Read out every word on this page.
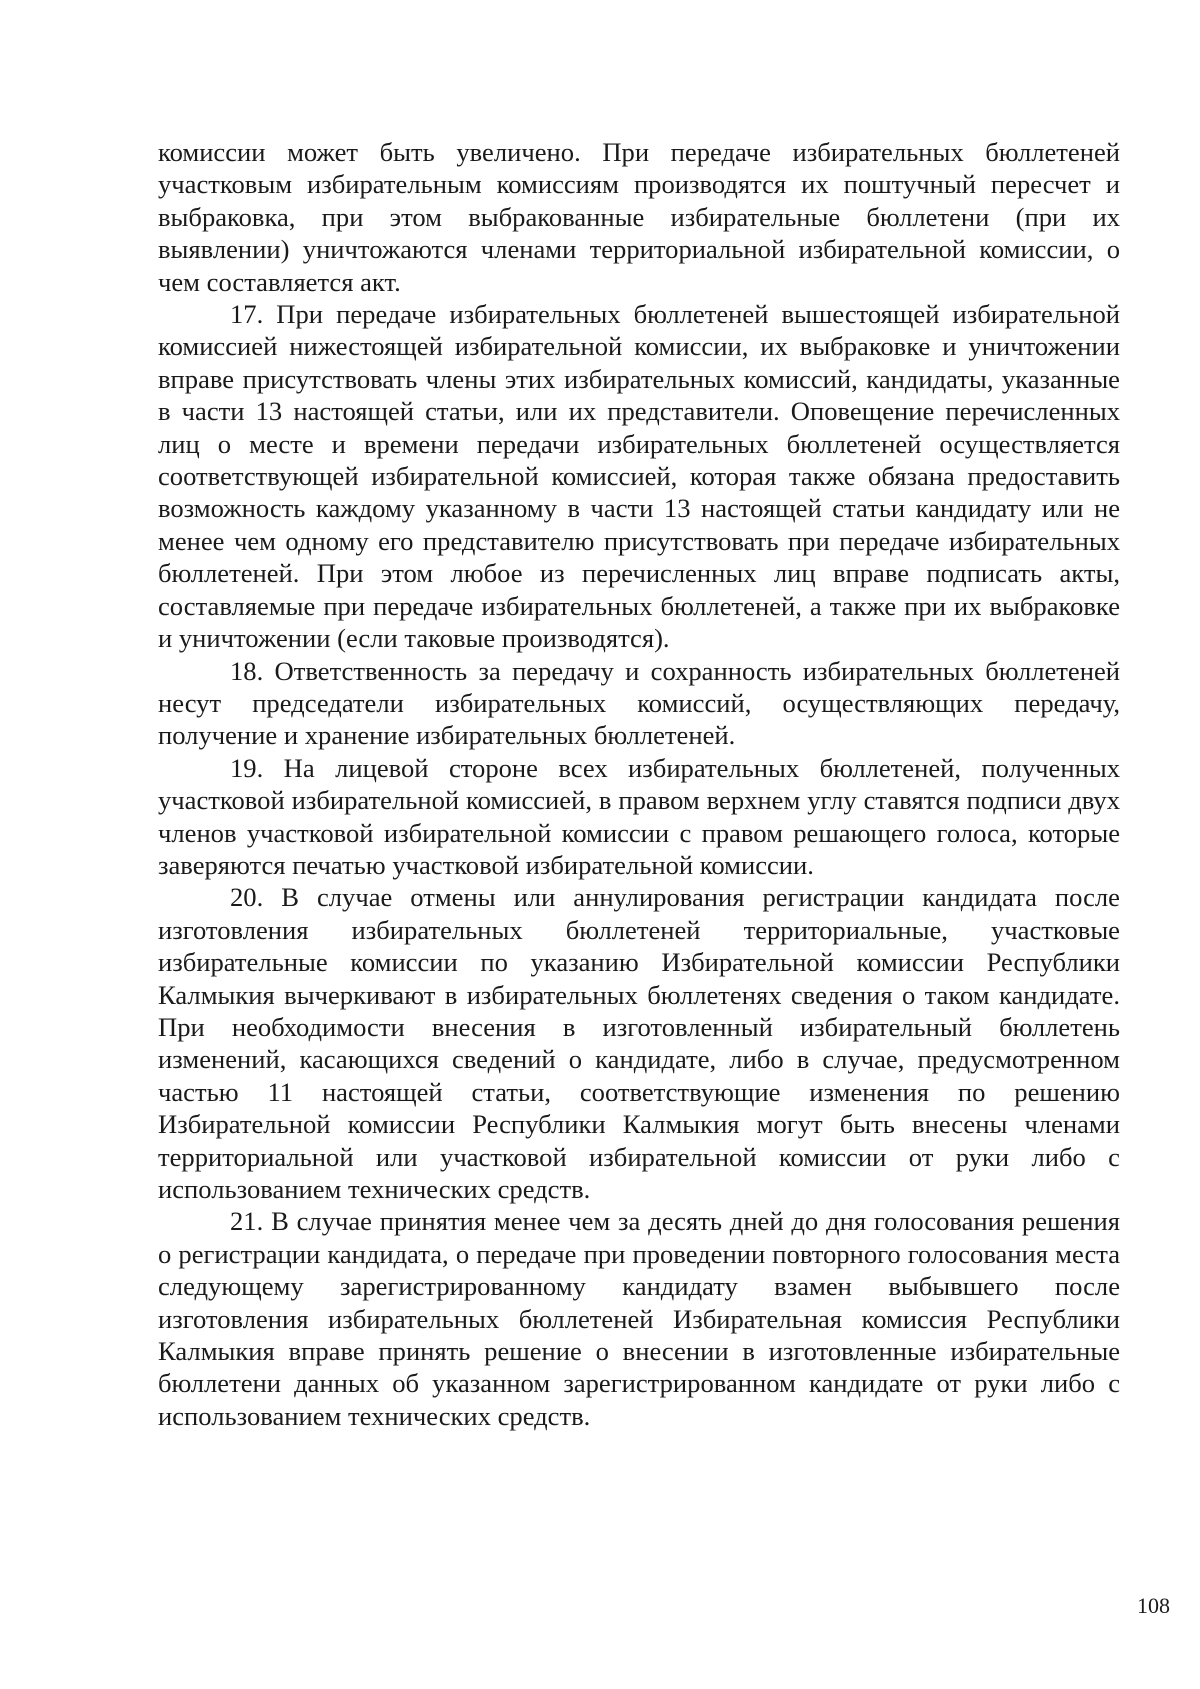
комиссии может быть увеличено. При передаче избирательных бюллетеней участковым избирательным комиссиям производятся их поштучный пересчет и выбраковка, при этом выбракованные избирательные бюллетени (при их выявлении) уничтожаются членами территориальной избирательной комиссии, о чем составляется акт.

17. При передаче избирательных бюллетеней вышестоящей избирательной комиссией нижестоящей избирательной комиссии, их выбраковке и уничтожении вправе присутствовать члены этих избирательных комиссий, кандидаты, указанные в части 13 настоящей статьи, или их представители. Оповещение перечисленных лиц о месте и времени передачи избирательных бюллетеней осуществляется соответствующей избирательной комиссией, которая также обязана предоставить возможность каждому указанному в части 13 настоящей статьи кандидату или не менее чем одному его представителю присутствовать при передаче избирательных бюллетеней. При этом любое из перечисленных лиц вправе подписать акты, составляемые при передаче избирательных бюллетеней, а также при их выбраковке и уничтожении (если таковые производятся).

18. Ответственность за передачу и сохранность избирательных бюллетеней несут председатели избирательных комиссий, осуществляющих передачу, получение и хранение избирательных бюллетеней.

19. На лицевой стороне всех избирательных бюллетеней, полученных участковой избирательной комиссией, в правом верхнем углу ставятся подписи двух членов участковой избирательной комиссии с правом решающего голоса, которые заверяются печатью участковой избирательной комиссии.

20. В случае отмены или аннулирования регистрации кандидата после изготовления избирательных бюллетеней территориальные, участковые избирательные комиссии по указанию Избирательной комиссии Республики Калмыкия вычеркивают в избирательных бюллетенях сведения о таком кандидате. При необходимости внесения в изготовленный избирательный бюллетень изменений, касающихся сведений о кандидате, либо в случае, предусмотренном частью 11 настоящей статьи, соответствующие изменения по решению Избирательной комиссии Республики Калмыкия могут быть внесены членами территориальной или участковой избирательной комиссии от руки либо с использованием технических средств.

21. В случае принятия менее чем за десять дней до дня голосования решения о регистрации кандидата, о передаче при проведении повторного голосования места следующему зарегистрированному кандидату взамен выбывшего после изготовления избирательных бюллетеней Избирательная комиссия Республики Калмыкия вправе принять решение о внесении в изготовленные избирательные бюллетени данных об указанном зарегистрированном кандидате от руки либо с использованием технических средств.

108
